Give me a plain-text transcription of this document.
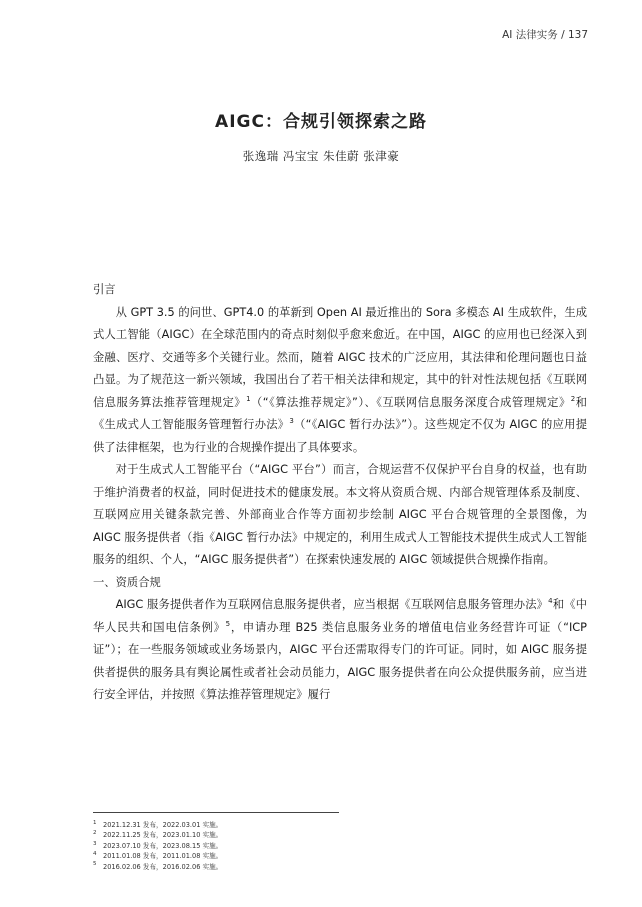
AI 法律实务 / 137
AIGC：合规引领探索之路
张逸瑞 冯宝宝 朱佳蔚 张津豪
引言

从 GPT 3.5 的问世、GPT4.0 的革新到 Open AI 最近推出的 Sora 多模态 AI 生成软件，生成式人工智能（AIGC）在全球范围内的奇点时刻似乎愈来愈近。在中国，AIGC 的应用也已经深入到金融、医疗、交通等多个关键行业。然而，随着 AIGC 技术的广泛应用，其法律和伦理问题也日益凸显。为了规范这一新兴领域，我国出台了若干相关法律和规定，其中的针对性法规包括《互联网信息服务算法推荐管理规定》$^1$（“《算法推荐规定》”）、《互联网信息服务深度合成管理规定》$^2$和《生成式人工智能服务管理暂行办法》$^3$（“《AIGC 暂行办法》”）。这些规定不仅为 AIGC 的应用提供了法律框架，也为行业的合规操作提出了具体要求。

对于生成式人工智能平台（“AIGC 平台”）而言，合规运营不仅保护平台自身的权益，也有助于维护消费者的权益，同时促进技术的健康发展。本文将从资质合规、内部合规管理体系及制度、互联网应用关键条款完善、外部商业合作等方面初步绘制 AIGC 平台合规管理的全景图像，为 AIGC 服务提供者（指《AIGC 暂行办法》中规定的，利用生成式人工智能技术提供生成式人工智能服务的组织、个人，“AIGC 服务提供者”）在探索快速发展的 AIGC 领域提供合规操作指南。

一、资质合规

AIGC 服务提供者作为互联网信息服务提供者，应当根据《互联网信息服务管理办法》$^4$和《中华人民共和国电信条例》$^5$，申请办理 B25 类信息服务业务的增值电信业务经营许可证（“ICP 证”）；在一些服务领域或业务场景内，AIGC 平台还需取得专门的许可证。同时，如 AIGC 服务提供者提供的服务具有舆论属性或者社会动员能力，AIGC 服务提供者在向公众提供服务前，应当进行安全评估，并按照《算法推荐管理规定》履行

1 2021.12.31 发布，2022.03.01 实施。
2 2022.11.25 发布，2023.01.10 实施。
3 2023.07.10 发布，2023.08.15 实施。
4 2011.01.08 发布，2011.01.08 实施。
5 2016.02.06 发布，2016.02.06 实施。
